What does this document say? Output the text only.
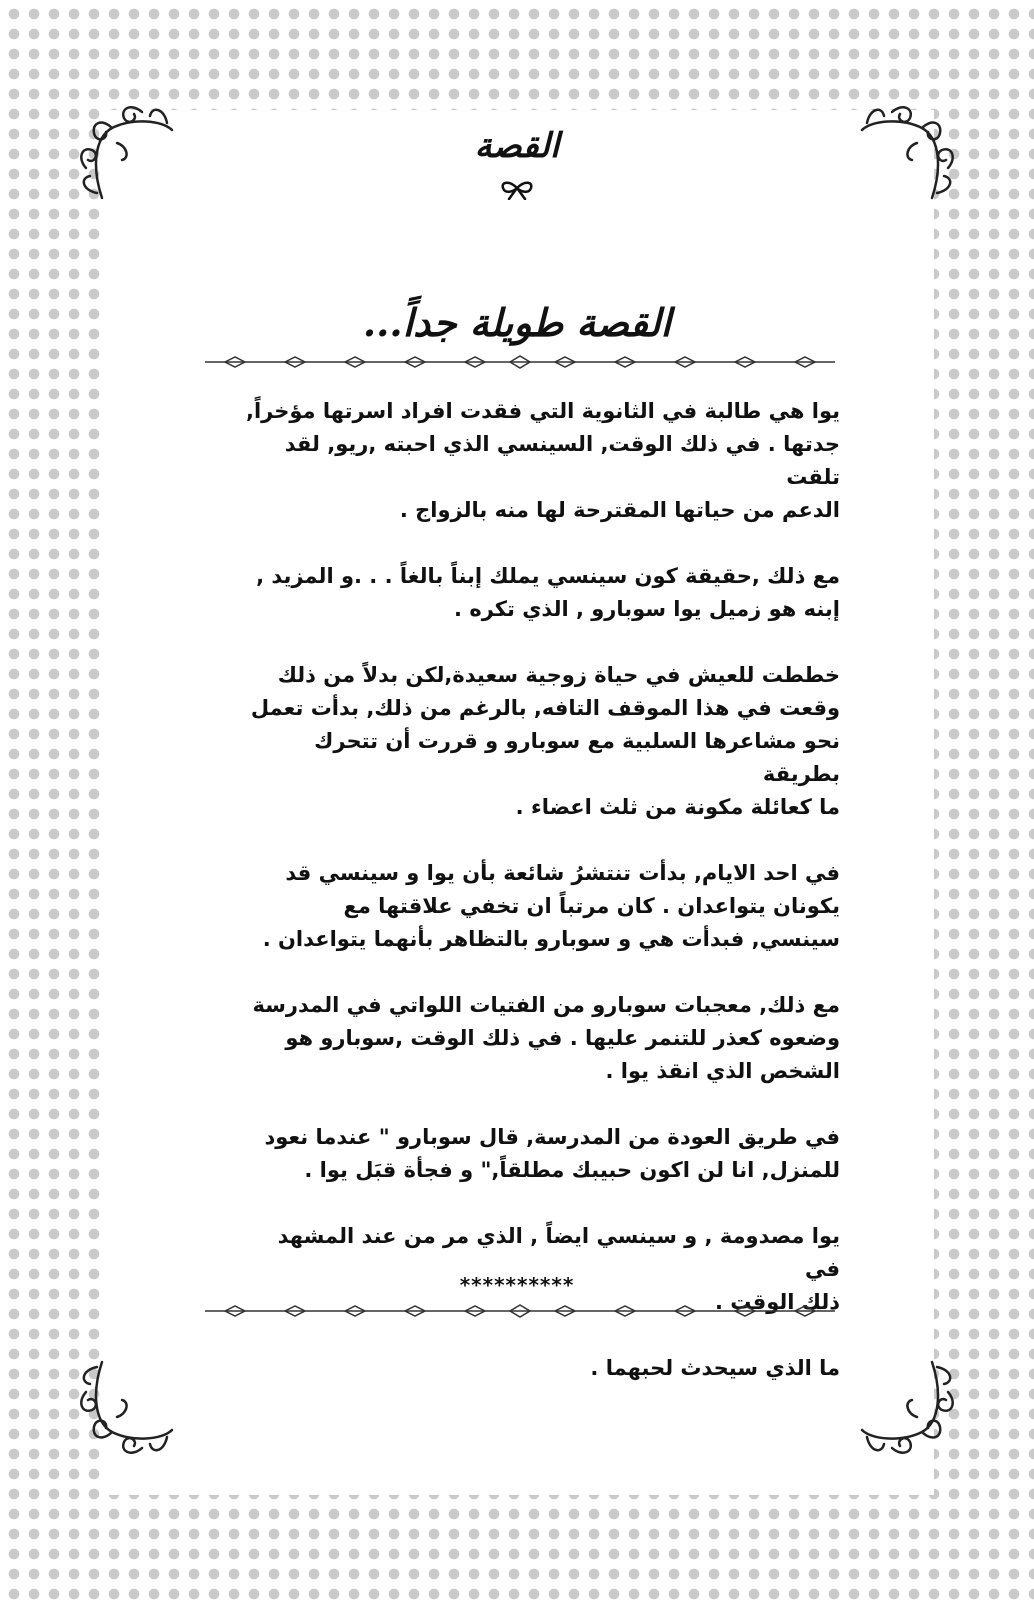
القصة
القصة طويلة جداً...

يوا هي طالبة في الثانوية التي فقدت افراد اسرتها مؤخراً,
جدتها . في ذلك الوقت, السينسي الذي احبته ,ريو, لقد تلقت
الدعم من حياتها المقترحة لها منه بالزواج .

مع ذلك ,حقيقة كون سينسي يملك إبناً بالغاً . . .و المزيد ,
إبنه هو زميل يوا سوبارو , الذي تكره .

خططت للعيش في حياة زوجية سعيدة,لكن بدلاً من ذلك
وقعت في هذا الموقف التافه, بالرغم من ذلك, بدأت تعمل
نحو مشاعرها السلبية مع سوبارو و قررت أن تتحرك بطريقة
ما كعائلة مكونة من ثلث اعضاء .

في احد الايام, بدأت تنتشرُ شائعة بأن يوا و سينسي قد
يكونان يتواعدان . كان مرتباً ان تخفي علاقتها مع
سينسي, فبدأت هي و سوبارو بالتظاهر بأنهما يتواعدان .

مع ذلك, معجبات سوبارو من الفتيات اللواتي في المدرسة
وضعوه كعذر للتنمر عليها . في ذلك الوقت ,سوبارو هو
الشخص الذي انقذ يوا .

في طريق العودة من المدرسة, قال سوبارو " عندما نعود
للمنزل, انا لن اكون حبيبك مطلقاً," و فجأة قبَل يوا .

يوا مصدومة , و سينسي ايضاً , الذي مر من عند المشهد في
ذلك الوقت .

ما الذي سيحدث لحبهما .

**********
